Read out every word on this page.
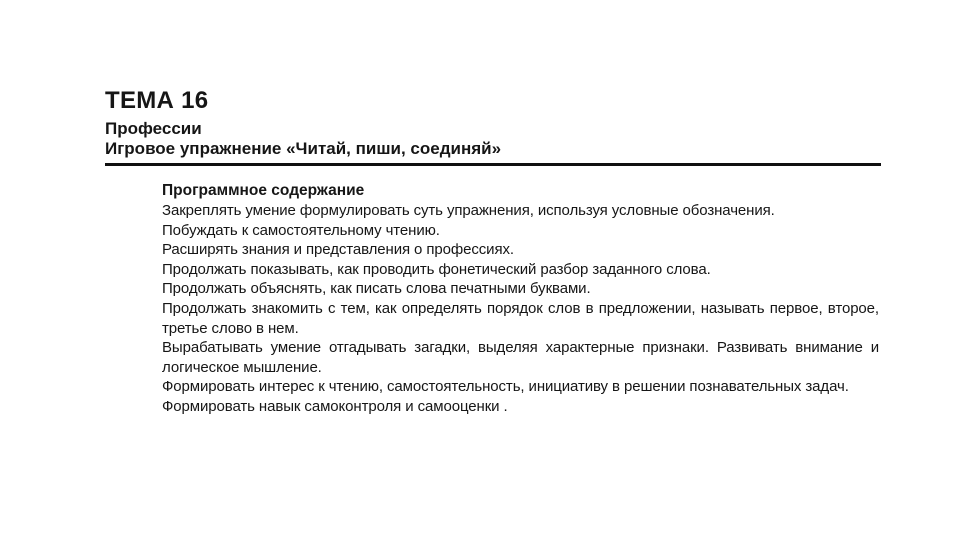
ТЕМА 16

Профессии

Игровое упражнение «Читай, пиши, соединяй»

Программное содержание

Закреплять умение формулировать суть упражнения, используя условные обозначения.

Побуждать к самостоятельному чтению.

Расширять знания и представления о профессиях.

Продолжать показывать, как проводить фонетический разбор заданного слова.

Продолжать объяснять, как писать слова печатными буквами.

Продолжать знакомить с тем, как определять порядок слов в предложении, называть первое, второе, третье слово в нем.

Вырабатывать умение отгадывать загадки, выделяя характерные признаки. Развивать внимание и логическое мышление.

Формировать интерес к чтению, самостоятельность, инициативу в решении познавательных задач.

Формировать навык самоконтроля и самооценки .
